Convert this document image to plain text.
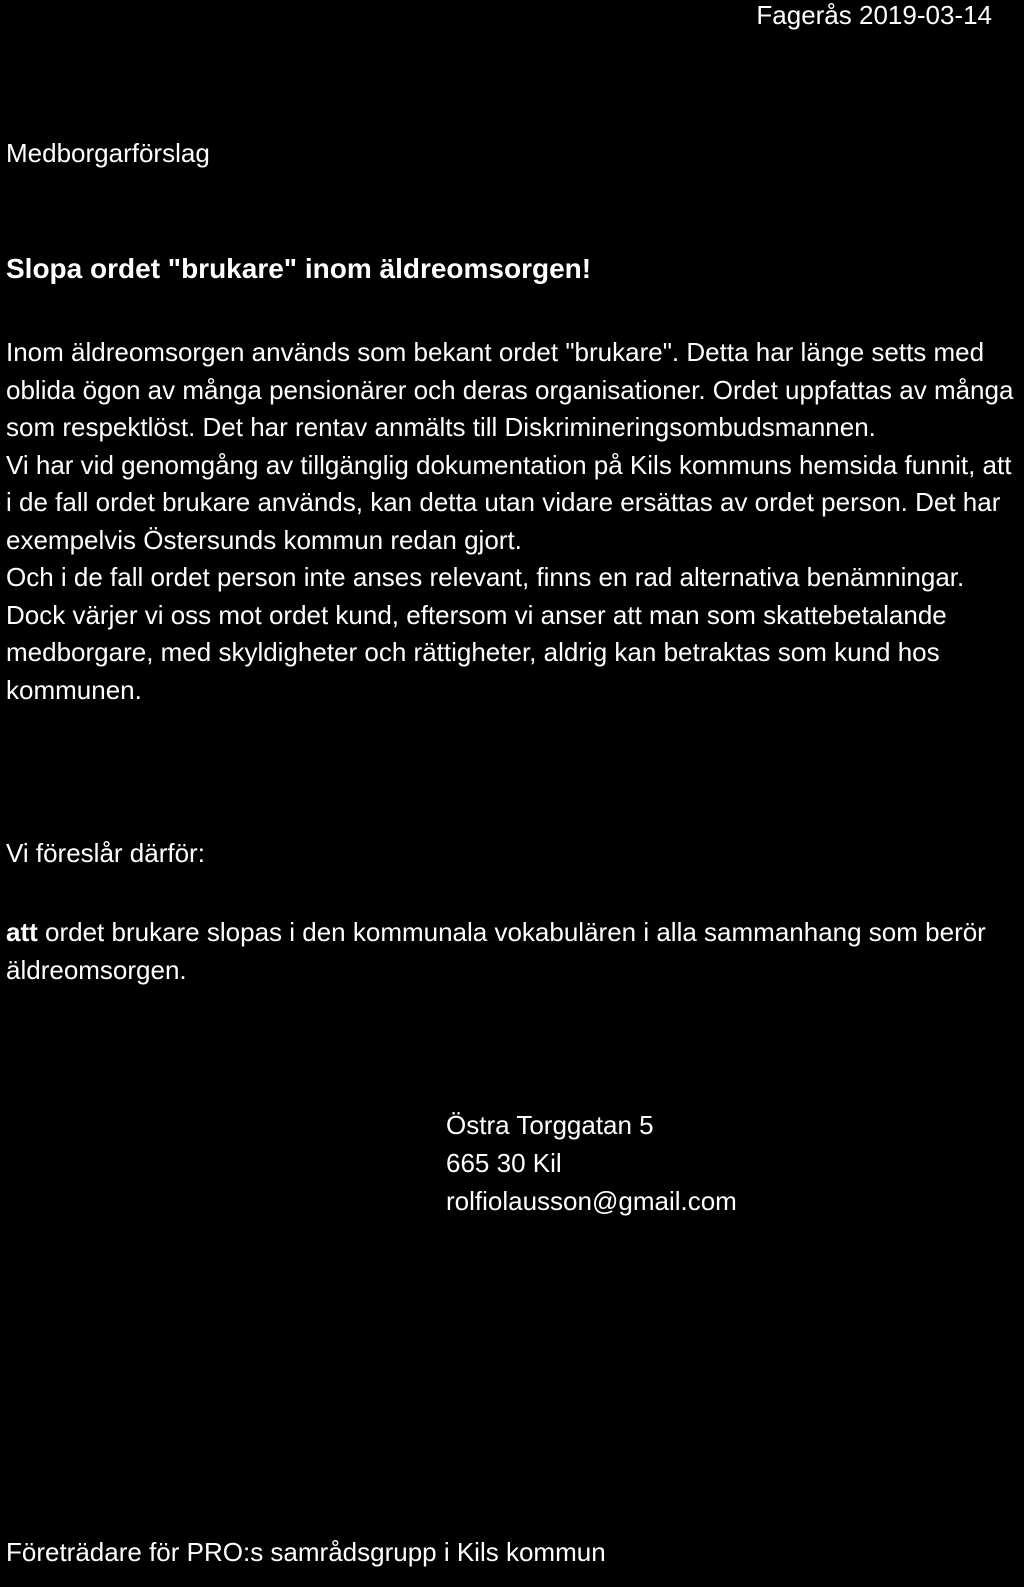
Fagerås 2019-03-14
Medborgarförslag
Slopa ordet "brukare" inom äldreomsorgen!

Inom äldreomsorgen används som bekant ordet "brukare". Detta har länge setts med oblida ögon av många pensionärer och deras organisationer. Ordet uppfattas av många som respektlöst. Det har rentav anmälts till Diskrimineringsombudsmannen.

Vi har vid genomgång av tillgänglig dokumentation på Kils kommuns hemsida funnit, att i de fall ordet brukare används, kan detta utan vidare ersättas av ordet person. Det har exempelvis Östersunds kommun redan gjort.

Och i de fall ordet person inte anses relevant, finns en rad alternativa benämningar.

Dock värjer vi oss mot ordet kund, eftersom vi anser att man som skattebetalande medborgare, med skyldigheter och rättigheter, aldrig kan betraktas som kund hos kommunen.

Vi föreslår därför:
att ordet brukare slopas i den kommunala vokabulären i alla sammanhang som berör äldreomsorgen.
Östra Torggatan 5
665 30 Kil
rolfiolausson@gmail.com
Företrädare för PRO:s samrådsgrupp i Kils kommun
